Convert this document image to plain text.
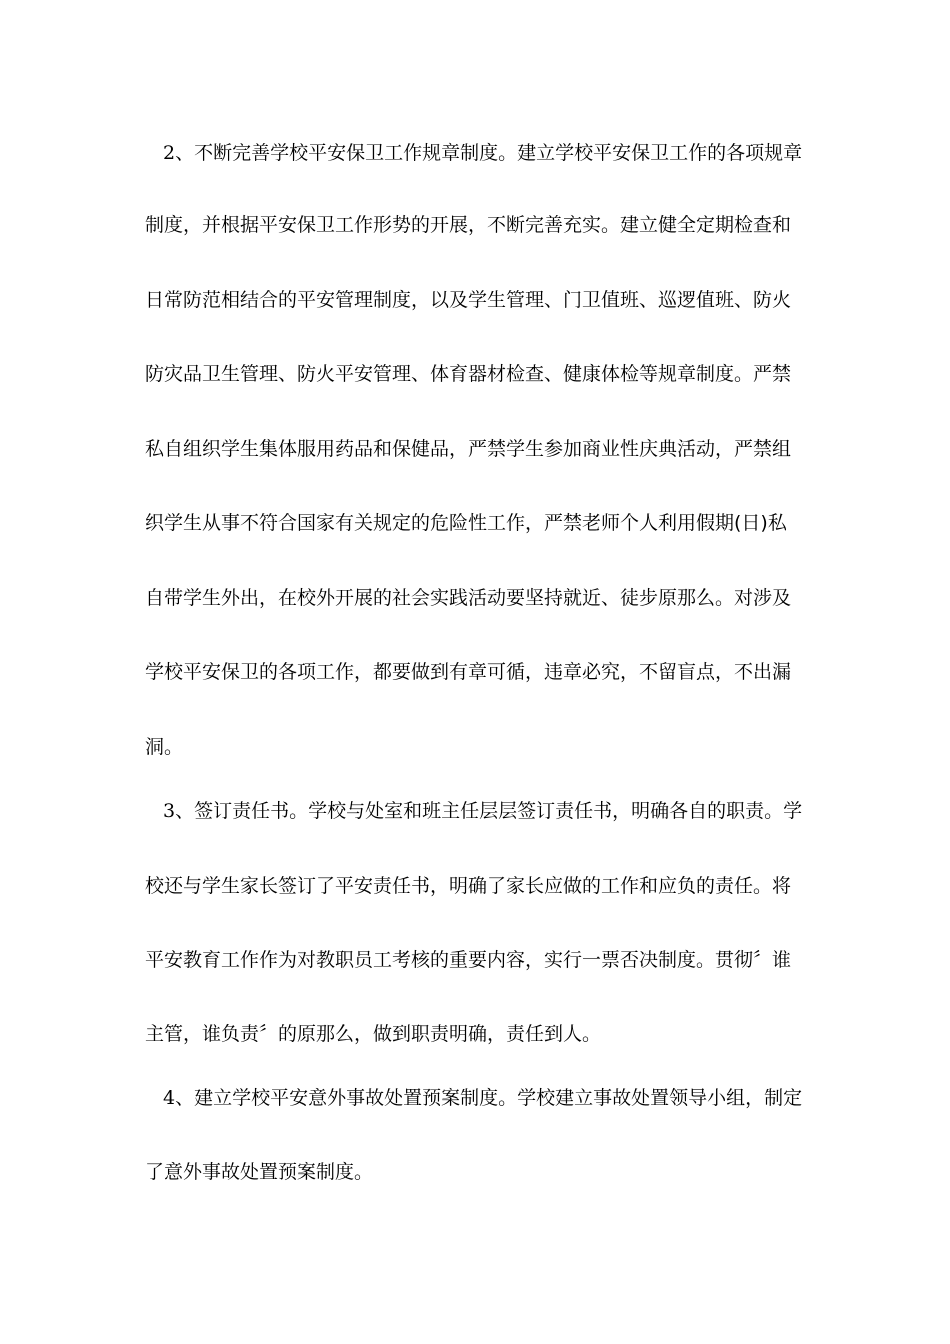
2、不断完善学校平安保卫工作规章制度。建立学校平安保卫工作的各项规章

制度，并根据平安保卫工作形势的开展，不断完善充实。建立健全定期检查和

日常防范相结合的平安管理制度，以及学生管理、门卫值班、巡逻值班、防火

防灾品卫生管理、防火平安管理、体育器材检查、健康体检等规章制度。严禁

私自组织学生集体服用药品和保健品，严禁学生参加商业性庆典活动，严禁组

织学生从事不符合国家有关规定的危险性工作，严禁老师个人利用假期(日)私

自带学生外出，在校外开展的社会实践活动要坚持就近、徒步原那么。对涉及

学校平安保卫的各项工作，都要做到有章可循，违章必究，不留盲点，不出漏

洞。

3、签订责任书。学校与处室和班主任层层签订责任书，明确各自的职责。学

校还与学生家长签订了平安责任书，明确了家长应做的工作和应负的责任。将

平安教育工作作为对教职员工考核的重要内容，实行一票否决制度。贯彻〞谁

主管，谁负责〞的原那么，做到职责明确，责任到人。

4、建立学校平安意外事故处置预案制度。学校建立事故处置领导小组，制定

了意外事故处置预案制度。
